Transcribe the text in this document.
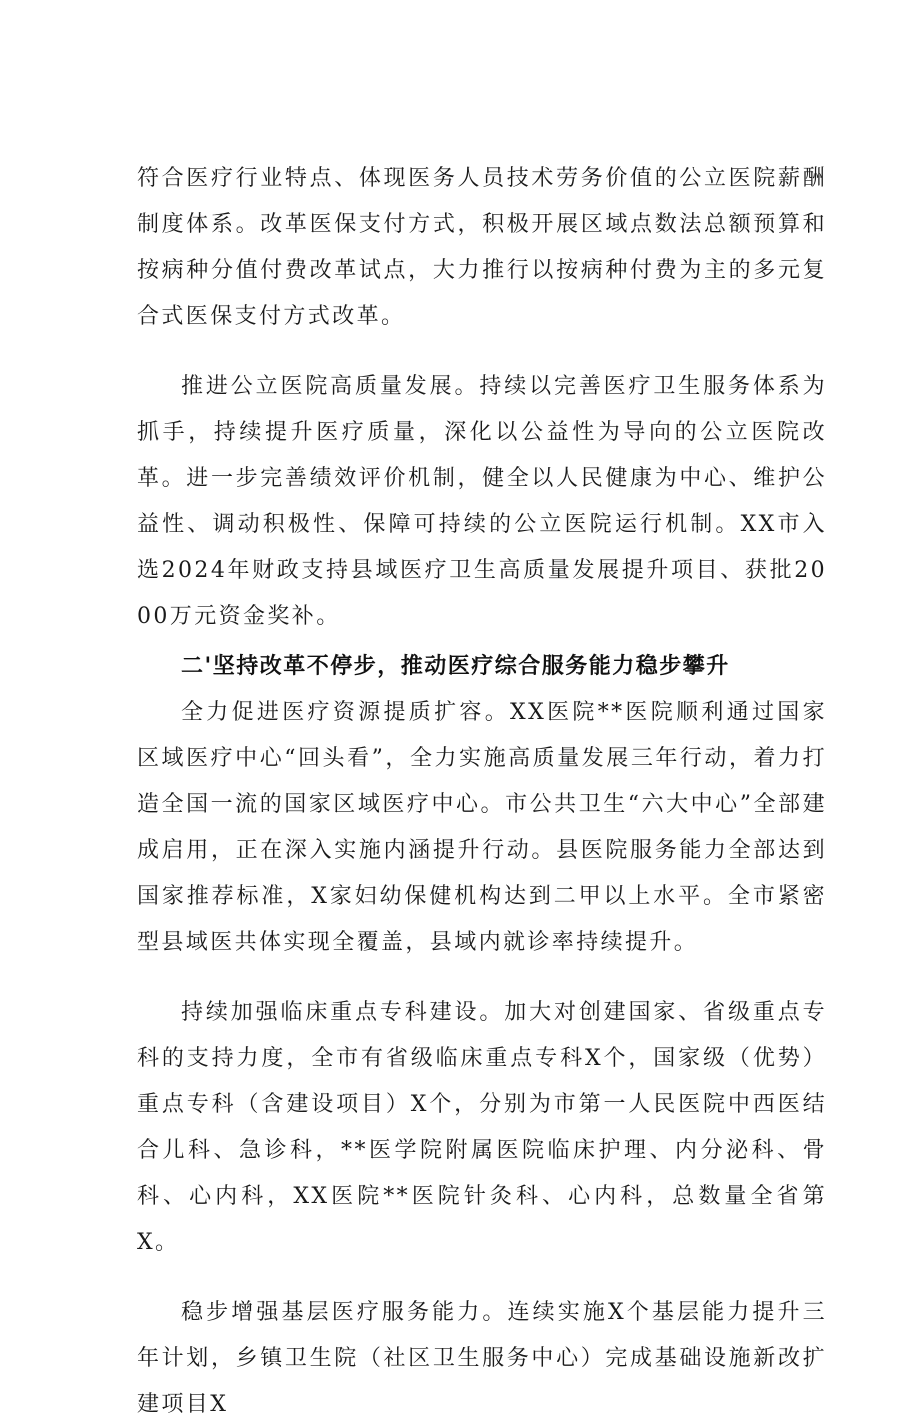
符合医疗行业特点、体现医务人员技术劳务价值的公立医院薪酬制度体系。改革医保支付方式，积极开展区域点数法总额预算和按病种分值付费改革试点，大力推行以按病种付费为主的多元复合式医保支付方式改革。

推进公立医院高质量发展。持续以完善医疗卫生服务体系为抓手，持续提升医疗质量，深化以公益性为导向的公立医院改革。进一步完善绩效评价机制，健全以人民健康为中心、维护公益性、调动积极性、保障可持续的公立医院运行机制。XX市入选2024年财政支持县域医疗卫生高质量发展提升项目、获批2000万元资金奖补。

二'坚持改革不停步，推动医疗综合服务能力稳步攀升

全力促进医疗资源提质扩容。XX医院**医院顺利通过国家区域医疗中心“回头看”，全力实施高质量发展三年行动，着力打造全国一流的国家区域医疗中心。市公共卫生“六大中心”全部建成启用，正在深入实施内涵提升行动。县医院服务能力全部达到国家推荐标准，X家妇幼保健机构达到二甲以上水平。全市紧密型县域医共体实现全覆盖，县域内就诊率持续提升。

持续加强临床重点专科建设。加大对创建国家、省级重点专科的支持力度，全市有省级临床重点专科X个，国家级（优势）重点专科（含建设项目）X个，分别为市第一人民医院中西医结合儿科、急诊科，**医学院附属医院临床护理、内分泌科、骨科、心内科，XX医院**医院针灸科、心内科，总数量全省第X。

稳步增强基层医疗服务能力。连续实施X个基层能力提升三年计划，乡镇卫生院（社区卫生服务中心）完成基础设施新改扩建项目X
